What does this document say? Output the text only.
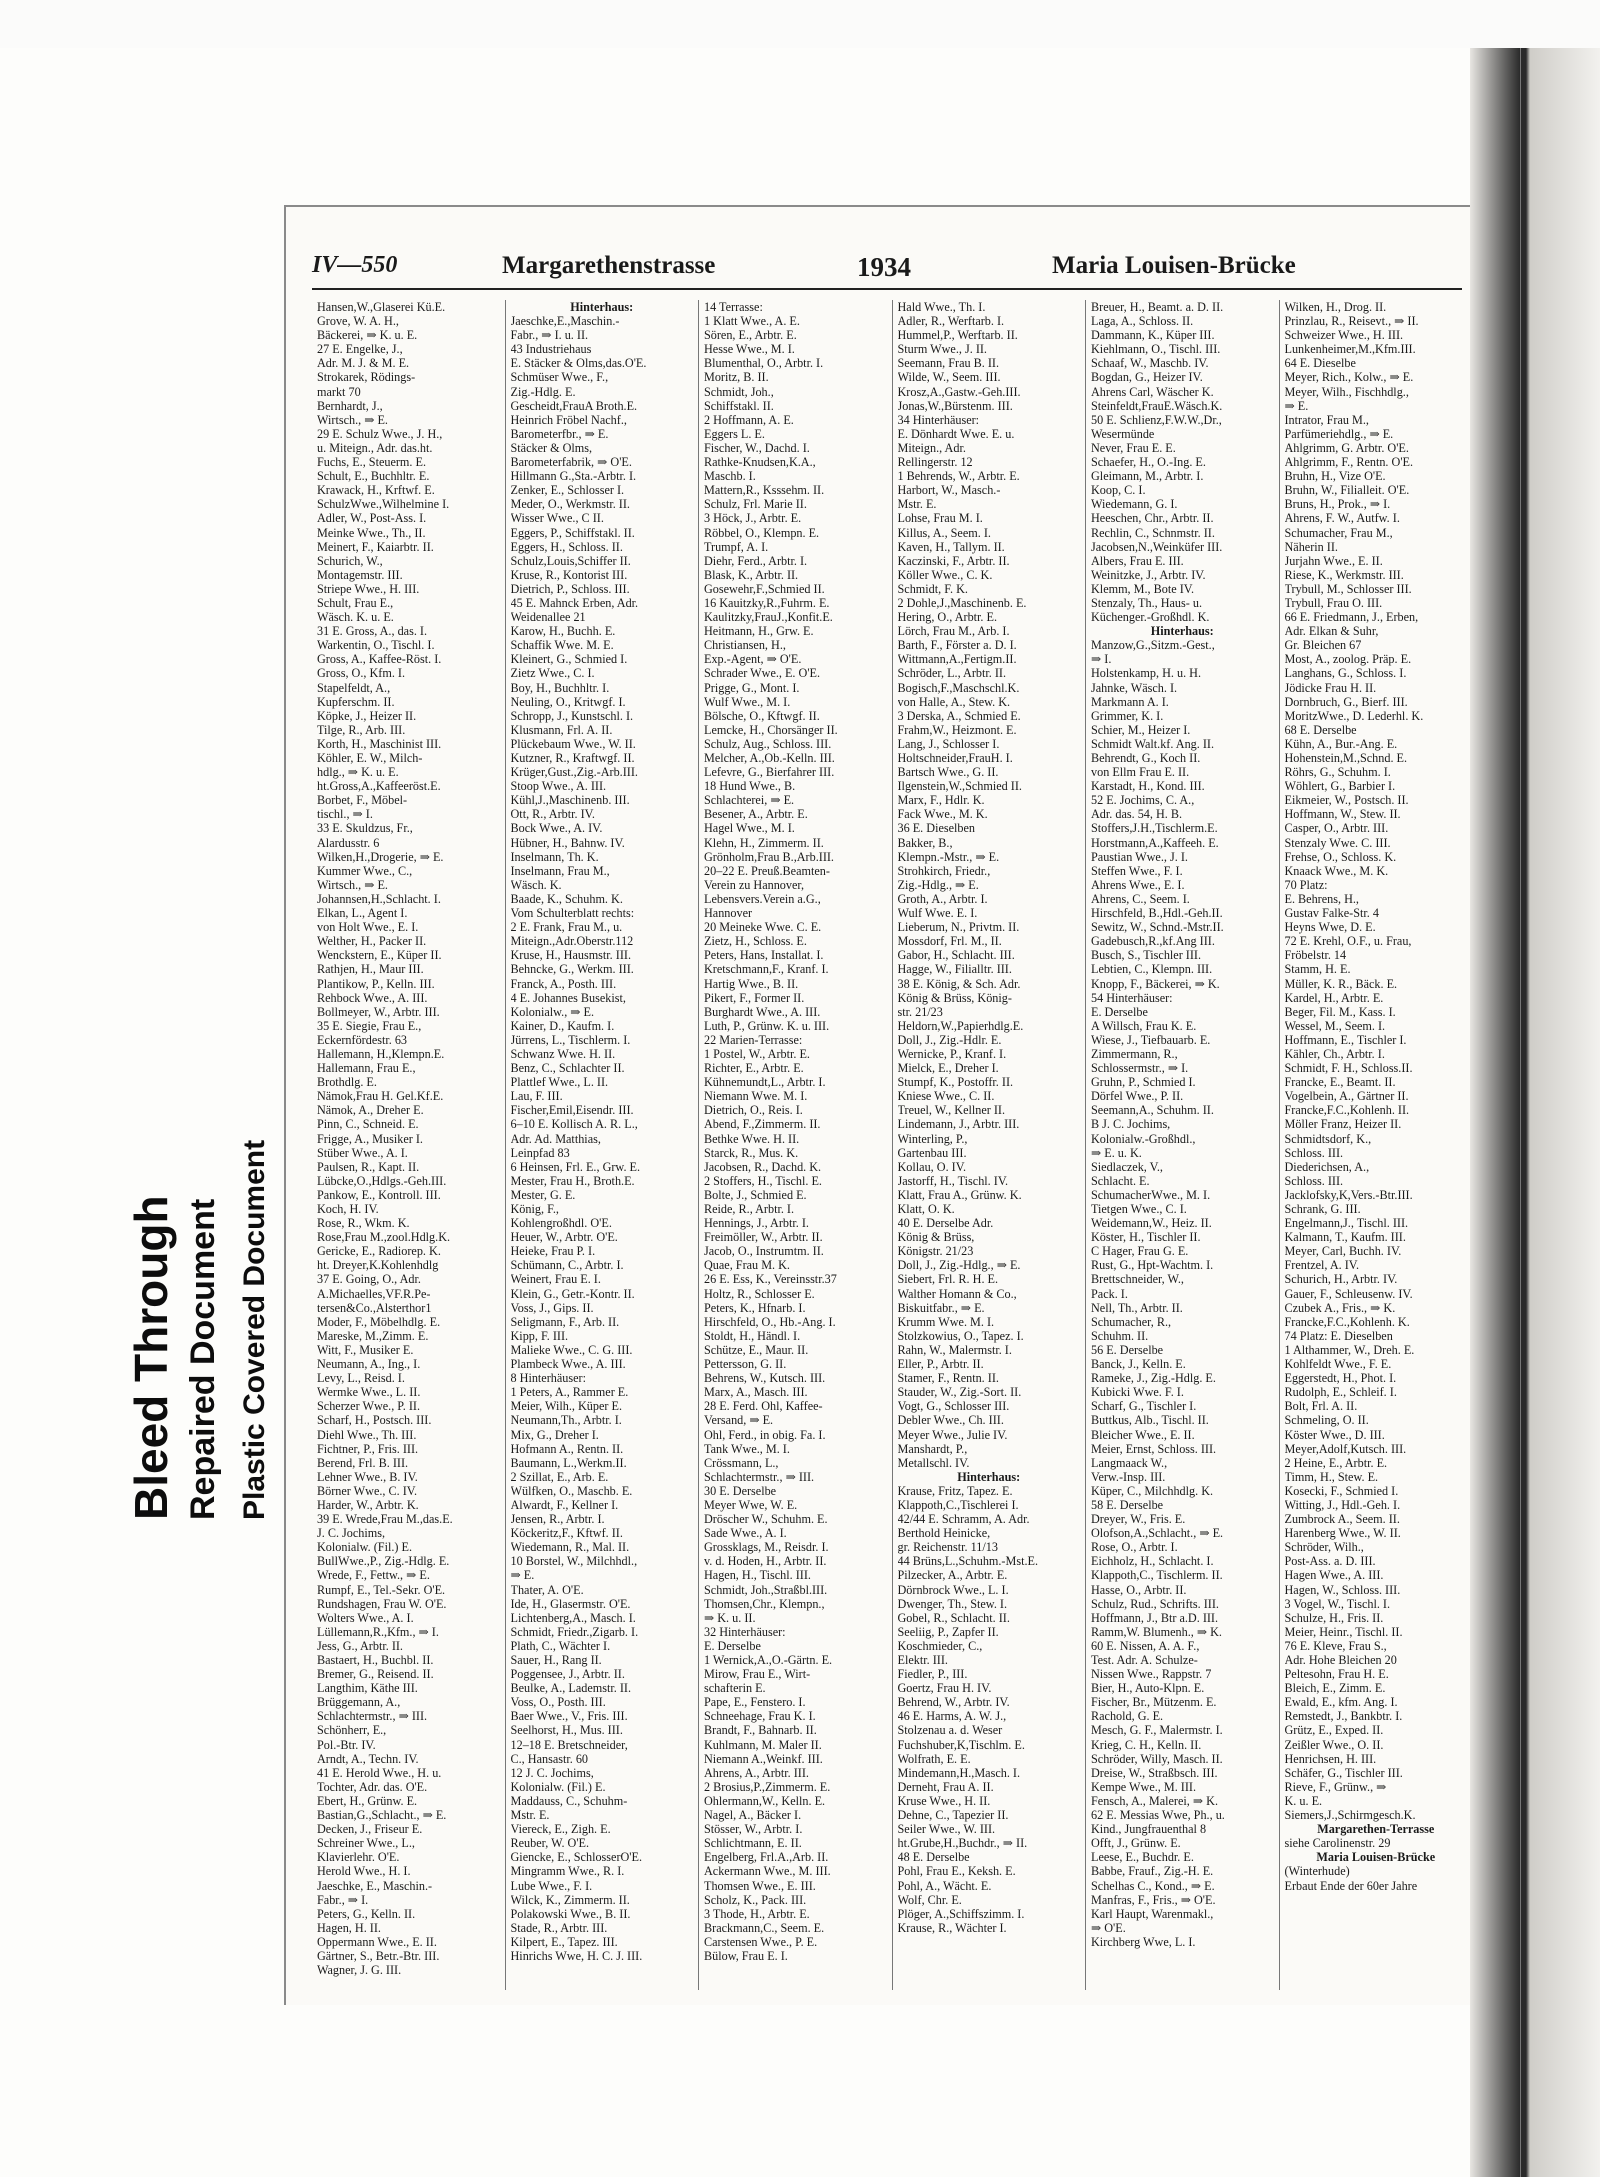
Bleed Through Repaired Document Plastic Covered Document
IV—550	Margarethenstrasse	1934	Maria Louisen-Brücke
Hansen,W.,Glaserei Kü.E.
Grove, W. A. H.,
Bäckerei, ⇒ K. u. E.
27 E. Engelke, J.,
Adr. M. J. & M. E.
Strokarek, Rödings-
markt 70
Bernhardt, J.,
Wirtsch., ⇒ E.
29 E. Schulz Wwe., J. H.,
u. Miteign., Adr. das.ht.
Fuchs, E., Steuerm. E.
Schult, E., Buchhltr. E.
Krawack, H., Krftwf. E.
SchulzWwe.,Wilhelmine I.
Adler, W., Post-Ass. I.
Meinke Wwe., Th., II.
Meinert, F., Kaiarbtr. II.
Schurich, W.,
Montagemstr. III.
Striepe Wwe., H. III.
Schult, Frau E.,
Wäsch. K. u. E.
31 E. Gross, A., das. I.
Warkentin, O., Tischl. I.
Gross, A., Kaffee-Röst. I.
Gross, O., Kfm. I.
Stapelfeldt, A.,
Kupferschm. II.
Köpke, J., Heizer II.
Tilge, R., Arb. III.
Korth, H., Maschinist III.
Köhler, E. W., Milch-
hdlg., ⇒ K. u. E.
ht.Gross,A.,Kaffeeröst.E.
Borbet, F., Möbel-
tischl., ⇒ I.
33 E. Skuldzus, Fr.,
Alardusstr. 6
Wilken,H.,Drogerie, ⇒ E.
Kummer Wwe., C.,
Wirtsch., ⇒ E.
Johannsen,H.,Schlacht. I.
Elkan, L., Agent I.
von Holt Wwe., E. I.
Welther, H., Packer II.
Wenckstern, E., Küper II.
Rathjen, H., Maur III.
Plantikow, P., Kelln. III.
Rehbock Wwe., A. III.
Bollmeyer, W., Arbtr. III.
35 E. Siegie, Frau E.,
Eckernfördestr. 63
Hallemann, H.,Klempn.E.
Hallemann, Frau E.,
Brothdlg. E.
Nämok,Frau H. Gel.Kf.E.
Nämok, A., Dreher E.
Pinn, C., Schneid. E.
Frigge, A., Musiker I.
Stüber Wwe., A. I.
Paulsen, R., Kapt. II.
Lübcke,O.,Hdlgs.-Geh.III.
Pankow, E., Kontroll. III.
Koch, H. IV.
Rose, R., Wkm. K.
Rose,Frau M.,zool.Hdlg.K.
Gericke, E., Radiorep. K.
ht. Dreyer,K.Kohlenhdlg
37 E. Going, O., Adr.
A.Michaelles,VF.R.Pe-
tersen&Co.,Alsterthor1
Moder, F., Möbelhdlg. E.
Mareske, M.,Zimm. E.
Witt, F., Musiker E.
Neumann, A., Ing., I.
Levy, L., Reisd. I.
Wermke Wwe., L. II.
Scherzer Wwe., P. II.
Scharf, H., Postsch. III.
Diehl Wwe., Th. III.
Fichtner, P., Fris. III.
Berend, Frl. B. III.
Lehner Wwe., B. IV.
Börner Wwe., C. IV.
Harder, W., Arbtr. K.
39 E. Wrede,Frau M.,das.E.
J. C. Jochims,
Kolonialw. (Fil.) E.
BullWwe.,P., Zig.-Hdlg. E.
Wrede, F., Fettw., ⇒ E.
Rumpf, E., Tel.-Sekr. O'E.
Rundshagen, Frau W. O'E.
Wolters Wwe., A. I.
Lüllemann,R.,Kfm., ⇒ I.
Jess, G., Arbtr. II.
Bastaert, H., Buchbl. II.
Bremer, G., Reisend. II.
Langthim, Käthe III.
Brüggemann, A.,
Schlachtermstr., ⇒ III.
Schönherr, E.,
Pol.-Btr. IV.
Arndt, A., Techn. IV.
41 E. Herold Wwe., H. u.
Tochter, Adr. das. O'E.
Ebert, H., Grünw. E.
Bastian,G.,Schlacht., ⇒ E.
Decken, J., Friseur E.
Schreiner Wwe., L.,
Klavierlehr. O'E.
Herold Wwe., H. I.
Jaeschke, E., Maschin.-
Fabr., ⇒ I.
Peters, G., Kelln. II.
Hagen, H. II.
Oppermann Wwe., E. II.
Gärtner, S., Betr.-Btr. III.
Wagner, J. G. III.
Hinterhaus:
Jaeschke,E.,Maschin.-
Fabr., ⇒ I. u. II.
43 Industriehaus
E. Stäcker & Olms,das.O'E.
Schmüser Wwe., F.,
Zig.-Hdlg. E.
Gescheidt,FrauA Broth.E.
Heinrich Fröbel Nachf.,
Barometerfbr., ⇒ E.
Stäcker & Olms,
Barometerfabrik, ⇒ O'E.
Hillmann G.,Sta.-Arbtr. I.
Zenker, E., Schlosser I.
Meder, O., Werkmstr. II.
Wisser Wwe., C II.
Eggers, P., Schiffstakl. II.
Eggers, H., Schloss. II.
Schulz,Louis,Schiffer II.
Kruse, R., Kontorist III.
Dietrich, P., Schloss. III.
45 E. Mahnck Erben, Adr.
Weidenallee 21
Karow, H., Buchh. E.
Schaffik Wwe. M. E.
Kleinert, G., Schmied I.
Zietz Wwe., C. I.
Boy, H., Buchhltr. I.
Neuling, O., Kritwgf. I.
Schropp, J., Kunstschl. I.
Klusmann, Frl. A. II.
Plückebaum Wwe., W. II.
Kutzner, R., Kraftwgf. II.
Krüger,Gust.,Zig.-Arb.III.
Stoop Wwe., A. III.
Kühl,J.,Maschinenb. III.
Ott, R., Arbtr. IV.
Bock Wwe., A. IV.
Hübner, H., Bahnw. IV.
Inselmann, Th. K.
Inselmann, Frau M.,
Wäsch. K.
Baade, K., Schuhm. K.
Vom Schulterblatt rechts:
2 E. Frank, Frau M., u.
Miteign.,Adr.Oberstr.112
Kruse, H., Hausmstr. III.
Behncke, G., Werkm. III.
Franck, A., Posth. III.
4 E. Johannes Busekist,
Kolonialw., ⇒ E.
Kainer, D., Kaufm. I.
Jürrens, L., Tischlerm. I.
Schwanz Wwe. H. II.
Benz, C., Schlachter II.
Plattlef Wwe., L. II.
Lau, F. III.
Fischer,Emil,Eisendr. III.
6–10 E. Kollisch A. R. L.,
Adr. Ad. Matthias,
Leinpfad 83
6 Heinsen, Frl. E., Grw. E.
Mester, Frau H., Broth.E.
Mester, G. E.
König, F.,
Kohlengroßhdl. O'E.
Heuer, W., Arbtr. O'E.
Heieke, Frau P. I.
Schümann, C., Arbtr. I.
Weinert, Frau E. I.
Klein, G., Getr.-Kontr. II.
Voss, J., Gips. II.
Seligmann, F., Arb. II.
Kipp, F. III.
Malieke Wwe., C. G. III.
Plambeck Wwe., A. III.
8 Hinterhäuser:
1 Peters, A., Rammer E.
Meier, Wilh., Küper E.
Neumann,Th., Arbtr. I.
Mix, G., Dreher I.
Hofmann A., Rentn. II.
Baumann, L.,Werkm.II.
2 Szillat, E., Arb. E.
Wülfken, O., Maschb. E.
Alwardt, F., Kellner I.
Jensen, R., Arbtr. I.
Köckeritz,F., Kftwf. II.
Wiedemann, R., Mal. II.
10 Borstel, W., Milchhdl.,
⇒ E.
Thater, A. O'E.
Ide, H., Glasermstr. O'E.
Lichtenberg,A., Masch. I.
Schmidt, Friedr.,Zigarb. I.
Plath, C., Wächter I.
Sauer, H., Rang II.
Poggensee, J., Arbtr. II.
Beulke, A., Lademstr. II.
Voss, O., Posth. III.
Baer Wwe., V., Fris. III.
Seelhorst, H., Mus. III.
12–18 E. Bretschneider,
C., Hansastr. 60
12 J. C. Jochims,
Kolonialw. (Fil.) E.
Maddauss, C., Schuhm-
Mstr. E.
Viereck, E., Zigh. E.
Reuber, W. O'E.
Giencke, E., SchlosserO'E.
Mingramm Wwe., R. I.
Lube Wwe., F. I.
Wilck, K., Zimmerm. II.
Polakowski Wwe., B. II.
Stade, R., Arbtr. III.
Kilpert, E., Tapez. III.
Hinrichs Wwe, H. C. J. III.
14 Terrasse:
1 Klatt Wwe., A. E.
Sören, E., Arbtr. E.
Hesse Wwe., M. I.
Blumenthal, O., Arbtr. I.
Moritz, B. II.
Schmidt, Joh.,
Schiffstakl. II.
2 Hoffmann, A. E.
Eggers L. E.
Fischer, W., Dachd. I.
Rathke-Knudsen,K.A.,
Maschb. I.
Mattern,R., Ksssehm. II.
Schulz, Frl. Marie II.
3 Höck, J., Arbtr. E.
Röbbel, O., Klempn. E.
Trumpf, A. I.
Diehr, Ferd., Arbtr. I.
Blask, K., Arbtr. II.
Gosewehr,F.,Schmied II.
16 Kauitzky,R.,Fuhrm. E.
Kaulitzky,FrauJ.,Konfit.E.
Heitmann, H., Grw. E.
Christiansen, H.,
Exp.-Agent, ⇒ O'E.
Schrader Wwe., E. O'E.
Prigge, G., Mont. I.
Wulf Wwe., M. I.
Bölsche, O., Kftwgf. II.
Lemcke, H., Chorsänger II.
Schulz, Aug., Schloss. III.
Melcher, A.,Ob.-Kelln. III.
Lefevre, G., Bierfahrer III.
18 Hund Wwe., B.
Schlachterei, ⇒ E.
Besener, A., Arbtr. E.
Hagel Wwe., M. I.
Klehn, H., Zimmerm. II.
Grönholm,Frau B.,Arb.III.
20–22 E. Preuß.Beamten-
Verein zu Hannover,
Lebensvers.Verein a.G.,
Hannover
20 Meineke Wwe. C. E.
Zietz, H., Schloss. E.
Peters, Hans, Installat. I.
Kretschmann,F., Kranf. I.
Hartig Wwe., B. II.
Pikert, F., Former II.
Burghardt Wwe., A. III.
Luth, P., Grünw. K. u. III.
22 Marien-Terrasse:
1 Postel, W., Arbtr. E.
Richter, E., Arbtr. E.
Kühnemundt,L., Arbtr. I.
Niemann Wwe. M. I.
Dietrich, O., Reis. I.
Abend, F.,Zimmerm. II.
Bethke Wwe. H. II.
Starck, R., Mus. K.
Jacobsen, R., Dachd. K.
2 Stoffers, H., Tischl. E.
Bolte, J., Schmied E.
Reide, R., Arbtr. I.
Hennings, J., Arbtr. I.
Freimöller, W., Arbtr. II.
Jacob, O., Instrumtm. II.
Quae, Frau M. K.
26 E. Ess, K., Vereinsstr.37
Holtz, R., Schlosser E.
Peters, K., Hfnarb. I.
Hirschfeld, O., Hb.-Ang. I.
Stoldt, H., Händl. I.
Schütze, E., Maur. II.
Pettersson, G. II.
Behrens, W., Kutsch. III.
Marx, A., Masch. III.
28 E. Ferd. Ohl, Kaffee-
Versand, ⇒ E.
Ohl, Ferd., in obig. Fa. I.
Tank Wwe., M. I.
Crössmann, L.,
Schlachtermstr., ⇒ III.
30 E. Derselbe
Meyer Wwe, W. E.
Dröscher W., Schuhm. E.
Sade Wwe., A. I.
Grossklags, M., Reisdr. I.
v. d. Hoden, H., Arbtr. II.
Hagen, H., Tischl. III.
Schmidt, Joh.,Straßbl.III.
Thomsen,Chr., Klempn.,
⇒ K. u. II.
32 Hinterhäuser:
E. Derselbe
1 Wernick,A.,O.-Gärtn. E.
Mirow, Frau E., Wirt-
schafterin E.
Pape, E., Fenstero. I.
Schneehage, Frau K. I.
Brandt, F., Bahnarb. II.
Kuhlmann, M. Maler II.
Niemann A.,Weinkf. III.
Ahrens, A., Arbtr. III.
2 Brosius,P.,Zimmerm. E.
Ohlermann,W., Kelln. E.
Nagel, A., Bäcker I.
Stösser, W., Arbtr. I.
Schlichtmann, E. II.
Engelberg, Frl.A.,Arb. II.
Ackermann Wwe., M. III.
Thomsen Wwe., E. III.
Scholz, K., Pack. III.
3 Thode, H., Arbtr. E.
Brackmann,C., Seem. E.
Carstensen Wwe., P. E.
Bülow, Frau E. I.
Hald Wwe., Th. I.
Adler, R., Werftarb. I.
Hummel,P., Werftarb. II.
Sturm Wwe., J. II.
Seemann, Frau B. II.
Wilde, W., Seem. III.
Krosz,A.,Gastw.-Geh.III.
Jonas,W.,Bürstenm. III.
34 Hinterhäuser:
E. Dönhardt Wwe. E. u.
Miteign., Adr.
Rellingerstr. 12
1 Behrends, W., Arbtr. E.
Harbort, W., Masch.-
Mstr. E.
Lohse, Frau M. I.
Killus, A., Seem. I.
Kaven, H., Tallym. II.
Kaczinski, F., Arbtr. II.
Köller Wwe., C. K.
Schmidt, F. K.
2 Dohle,J.,Maschinenb. E.
Hering, O., Arbtr. E.
Lörch, Frau M., Arb. I.
Barth, F., Förster a. D. I.
Wittmann,A.,Fertigm.II.
Schröder, L., Arbtr. II.
Bogisch,F.,Maschschl.K.
von Halle, A., Stew. K.
3 Derska, A., Schmied E.
Frahm,W., Heizmont. E.
Lang, J., Schlosser I.
Holtschneider,FrauH. I.
Bartsch Wwe., G. II.
Ilgenstein,W.,Schmied II.
Marx, F., Hdlr. K.
Fack Wwe., M. K.
36 E. Dieselben
Bakker, B.,
Klempn.-Mstr., ⇒ E.
Strohkirch, Friedr.,
Zig.-Hdlg., ⇒ E.
Groth, A., Arbtr. I.
Wulf Wwe. E. I.
Lieberum, N., Privtm. II.
Mossdorf, Frl. M., II.
Gabor, H., Schlacht. III.
Hagge, W., Filialltr. III.
38 E. König, & Sch. Adr.
König & Brüss, König-
str. 21/23
Heldorn,W.,Papierhdlg.E.
Doll, J., Zig.-Hdlr. E.
Wernicke, P., Kranf. I.
Mielck, E., Dreher I.
Stumpf, K., Postoffr. II.
Kniese Wwe., C. II.
Treuel, W., Kellner II.
Lindemann, J., Arbtr. III.
Winterling, P.,
Gartenbau III.
Kollau, O. IV.
Jastorff, H., Tischl. IV.
Klatt, Frau A., Grünw. K.
Klatt, O. K.
40 E. Derselbe Adr.
König & Brüss,
Königstr. 21/23
Doll, J., Zig.-Hdlg., ⇒ E.
Siebert, Frl. R. H. E.
Walther Homann & Co.,
Biskuitfabr., ⇒ E.
Krumm Wwe. M. I.
Stolzkowius, O., Tapez. I.
Rahn, W., Malermstr. I.
Eller, P., Arbtr. II.
Stamer, F., Rentn. II.
Stauder, W., Zig.-Sort. II.
Vogt, G., Schlosser III.
Debler Wwe., Ch. III.
Meyer Wwe., Julie IV.
Manshardt, P.,
Metallschl. IV.
Hinterhaus:
Krause, Fritz, Tapez. E.
Klappoth,C.,Tischlerei I.
42/44 E. Schramm, A. Adr.
Berthold Heinicke,
gr. Reichenstr. 11/13
44 Brüns,L.,Schuhm.-Mst.E.
Pilzecker, A., Arbtr. E.
Dörnbrock Wwe., L. I.
Dwenger, Th., Stew. I.
Gobel, R., Schlacht. II.
Seeliig, P., Zapfer II.
Koschmieder, C.,
Elektr. III.
Fiedler, P., III.
Goertz, Frau H. IV.
Behrend, W., Arbtr. IV.
46 E. Harms, A. W. J.,
Stolzenau a. d. Weser
Fuchshuber,K,Tischlm. E.
Wolfrath, E. E.
Mindemann,H.,Masch. I.
Derneht, Frau A. II.
Kruse Wwe., H. II.
Dehne, C., Tapezier II.
Seiler Wwe., W. III.
ht.Grube,H.,Buchdr., ⇒ II.
48 E. Derselbe
Pohl, Frau E., Keksh. E.
Pohl, A., Wächt. E.
Wolf, Chr. E.
Plöger, A.,Schiffszimm. I.
Krause, R., Wächter I.
Breuer, H., Beamt. a. D. II.
Laga, A., Schloss. II.
Dammann, K., Küper III.
Kiehlmann, O., Tischl. III.
Schaaf, W., Maschb. IV.
Bogdan, G., Heizer IV.
Ahrens Carl, Wäscher K.
Steinfeldt,FrauE.Wäsch.K.
50 E. Schlienz,F.W.W.,Dr.,
Wesermünde
Never, Frau E. E.
Schaefer, H., O.-Ing. E.
Gleimann, M., Arbtr. I.
Koop, C. I.
Wiedemann, G. I.
Heeschen, Chr., Arbtr. II.
Rechlin, C., Schnmstr. II.
Jacobsen,N.,Weinküfer III.
Albers, Frau E. III.
Weinitzke, J., Arbtr. IV.
Klemm, M., Bote IV.
Stenzaly, Th., Haus- u.
Küchenger.-Großhdl. K.
Hinterhaus:
Manzow,G.,Sitzm.-Gest.,
⇒ I.
Holstenkamp, H. u. H.
Jahnke, Wäsch. I.
Markmann A. I.
Grimmer, K. I.
Schier, M., Heizer I.
Schmidt Walt.kf. Ang. II.
Behrendt, G., Koch II.
von Ellm Frau E. II.
Karstadt, H., Kond. III.
52 E. Jochims, C. A.,
Adr. das. 54, H. B.
Stoffers,J.H.,Tischlerm.E.
Horstmann,A.,Kaffeeh. E.
Paustian Wwe., J. I.
Steffen Wwe., F. I.
Ahrens Wwe., E. I.
Ahrens, C., Seem. I.
Hirschfeld, B.,Hdl.-Geh.II.
Sewitz, W., Schnd.-Mstr.II.
Gadebusch,R.,kf.Ang III.
Busch, S., Tischler III.
Lebtien, C., Klempn. III.
Knopp, F., Bäckerei, ⇒ K.
54 Hinterhäuser:
E. Derselbe
A Willsch, Frau K. E.
Wiese, J., Tiefbauarb. E.
Zimmermann, R.,
Schlossermstr., ⇒ I.
Gruhn, P., Schmied I.
Dörfel Wwe., P. II.
Seemann,A., Schuhm. II.
B J. C. Jochims,
Kolonialw.-Großhdl.,
⇒ E. u. K.
Siedlaczek, V.,
Schlacht. E.
SchumacherWwe., M. I.
Tietgen Wwe., C. I.
Weidemann,W., Heiz. II.
Köster, H., Tischler II.
C Hager, Frau G. E.
Rust, G., Hpt-Wachtm. I.
Brettschneider, W.,
Pack. I.
Nell, Th., Arbtr. II.
Schumacher, R.,
Schuhm. II.
56 E. Derselbe
Banck, J., Kelln. E.
Rameke, J., Zig.-Hdlg. E.
Kubicki Wwe. F. I.
Scharf, G., Tischler I.
Buttkus, Alb., Tischl. II.
Bleicher Wwe., E. II.
Meier, Ernst, Schloss. III.
Langmaack W.,
Verw.-Insp. III.
Küper, C., Milchhdlg. K.
58 E. Derselbe
Dreyer, W., Fris. E.
Olofson,A.,Schlacht., ⇒ E.
Rose, O., Arbtr. I.
Eichholz, H., Schlacht. I.
Klappoth,C., Tischlerm. II.
Hasse, O., Arbtr. II.
Schulz, Rud., Schrifts. III.
Hoffmann, J., Btr a.D. III.
Ramm,W. Blumenh., ⇒ K.
60 E. Nissen, A. A. F.,
Test. Adr. A. Schulze-
Nissen Wwe., Rappstr. 7
Bier, H., Auto-Klpn. E.
Fischer, Br., Mützenm. E.
Rachold, G. E.
Mesch, G. F., Malermstr. I.
Krieg, C. H., Kelln. II.
Schröder, Willy, Masch. II.
Dreise, W., Straßbsch. III.
Kempe Wwe., M. III.
Fensch, A., Malerei, ⇒ K.
62 E. Messias Wwe, Ph., u.
Kind., Jungfrauenthal 8
Offt, J., Grünw. E.
Leese, E., Buchdr. E.
Babbe, Frauf., Zig.-H. E.
Schelhas C., Kond., ⇒ E.
Manfras, F., Fris., ⇒ O'E.
Karl Haupt, Warenmakl.,
⇒ O'E.
Kirchberg Wwe, L. I.
Wilken, H., Drog. II.
Prinzlau, R., Reisevt., ⇒ II.
Schweizer Wwe., H. III.
Lunkenheimer,M.,Kfm.III.
64 E. Dieselbe
Meyer, Rich., Kolw., ⇒ E.
Meyer, Wilh., Fischhdlg.,
⇒ E.
Intrator, Frau M.,
Parfümeriehdlg., ⇒ E.
Ahlgrimm, G. Arbtr. O'E.
Ahlgrimm, F., Rentn. O'E.
Bruhn, H., Vize O'E.
Bruhn, W., Filialleit. O'E.
Bruns, H., Prok., ⇒ I.
Ahrens, F. W., Autfw. I.
Schumacher, Frau M.,
Näherin II.
Jurjahn Wwe., E. II.
Riese, K., Werkmstr. III.
Trybull, M., Schlosser III.
Trybull, Frau O. III.
66 E. Friedmann, J., Erben,
Adr. Elkan & Suhr,
Gr. Bleichen 67
Most, A., zoolog. Präp. E.
Langhans, G., Schloss. I.
Jödicke Frau H. II.
Dornbruch, G., Bierf. III.
MoritzWwe., D. Lederhl. K.
68 E. Derselbe
Kühn, A., Bur.-Ang. E.
Hohenstein,M.,Schnd. E.
Röhrs, G., Schuhm. I.
Wöhlert, G., Barbier I.
Eikmeier, W., Postsch. II.
Hoffmann, W., Stew. II.
Casper, O., Arbtr. III.
Stenzaly Wwe. C. III.
Frehse, O., Schloss. K.
Knaack Wwe., M. K.
70 Platz:
E. Behrens, H.,
Gustav Falke-Str. 4
Heyns Wwe, D. E.
72 E. Krehl, O.F., u. Frau,
Fröbelstr. 14
Stamm, H. E.
Müller, K. R., Bäck. E.
Kardel, H., Arbtr. E.
Beger, Fil. M., Kass. I.
Wessel, M., Seem. I.
Hoffmann, E., Tischler I.
Kähler, Ch., Arbtr. I.
Schmidt, F. H., Schloss.II.
Francke, E., Beamt. II.
Vogelbein, A., Gärtner II.
Francke,F.C.,Kohlenh. II.
Möller Franz, Heizer II.
Schmidtsdorf, K.,
Schloss. III.
Diederichsen, A.,
Schloss. III.
Jacklofsky,K,Vers.-Btr.III.
Schrank, G. III.
Engelmann,J., Tischl. III.
Kalmann, T., Kaufm. III.
Meyer, Carl, Buchh. IV.
Frentzel, A. IV.
Schurich, H., Arbtr. IV.
Gauer, F., Schleusenw. IV.
Czubek A., Fris., ⇒ K.
Francke,F.C.,Kohlenh. K.
74 Platz: E. Dieselben
1 Althammer, W., Dreh. E.
Kohlfeldt Wwe., F. E.
Eggerstedt, H., Phot. I.
Rudolph, E., Schleif. I.
Bolt, Frl. A. II.
Schmeling, O. II.
Köster Wwe., D. III.
Meyer,Adolf,Kutsch. III.
2 Heine, E., Arbtr. E.
Timm, H., Stew. E.
Kosecki, F., Schmied I.
Witting, J., Hdl.-Geh. I.
Zumbrock A., Seem. II.
Harenberg Wwe., W. II.
Schröder, Wilh.,
Post-Ass. a. D. III.
Hagen Wwe., A. III.
Hagen, W., Schloss. III.
3 Vogel, W., Tischl. I.
Schulze, H., Fris. II.
Meier, Heinr., Tischl. II.
76 E. Kleve, Frau S.,
Adr. Hohe Bleichen 20
Peltesohn, Frau H. E.
Bleich, E., Zimm. E.
Ewald, E., kfm. Ang. I.
Remstedt, J., Bankbtr. I.
Grütz, E., Exped. II.
Zeißler Wwe., O. II.
Henrichsen, H. III.
Schäfer, G., Tischler III.
Rieve, F., Grünw., ⇒
K. u. E.
Siemers,J.,Schirmgesch.K.
Margarethen-Terrasse
siehe Carolinenstr. 29
Maria Louisen-Brücke
(Winterhude)
Erbaut Ende der 60er Jahre
